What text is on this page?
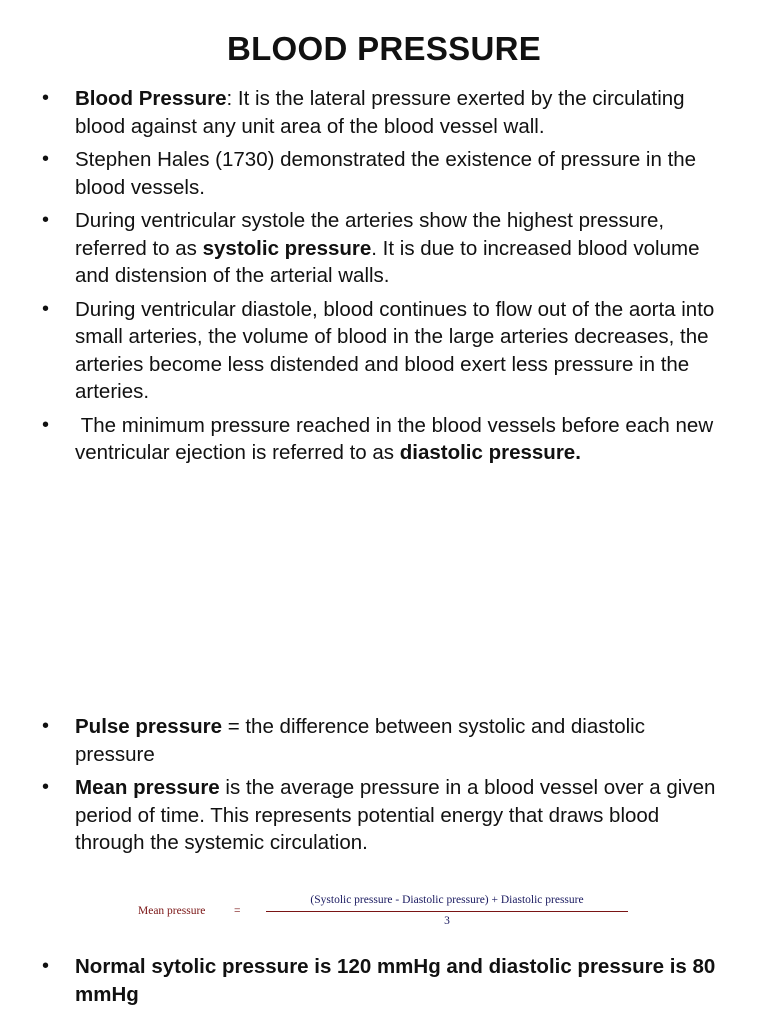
BLOOD PRESSURE
• Blood Pressure: It is the lateral pressure exerted by the circulating blood against any unit area of the blood vessel wall.
• Stephen Hales (1730) demonstrated the existence of pressure in the blood vessels.
• During ventricular systole the arteries show the highest pressure, referred to as systolic pressure. It is due to increased blood volume and distension of the arterial walls.
• During ventricular diastole, blood continues to flow out of the aorta into small arteries, the volume of blood in the large arteries decreases, the arteries become less distended and blood exert less pressure in the arteries.
• The minimum pressure reached in the blood vessels before each new ventricular ejection is referred to as diastolic pressure.
• Pulse pressure = the difference between systolic and diastolic pressure
• Mean pressure is the average pressure in a blood vessel over a given period of time. This represents potential energy that draws blood through the systemic circulation.
Mean pressure =
(Systolic pressure - Diastolic pressure) + Diastolic pressure
3
• Normal sytolic pressure is 120 mmHg and diastolic pressure is 80 mmHg
